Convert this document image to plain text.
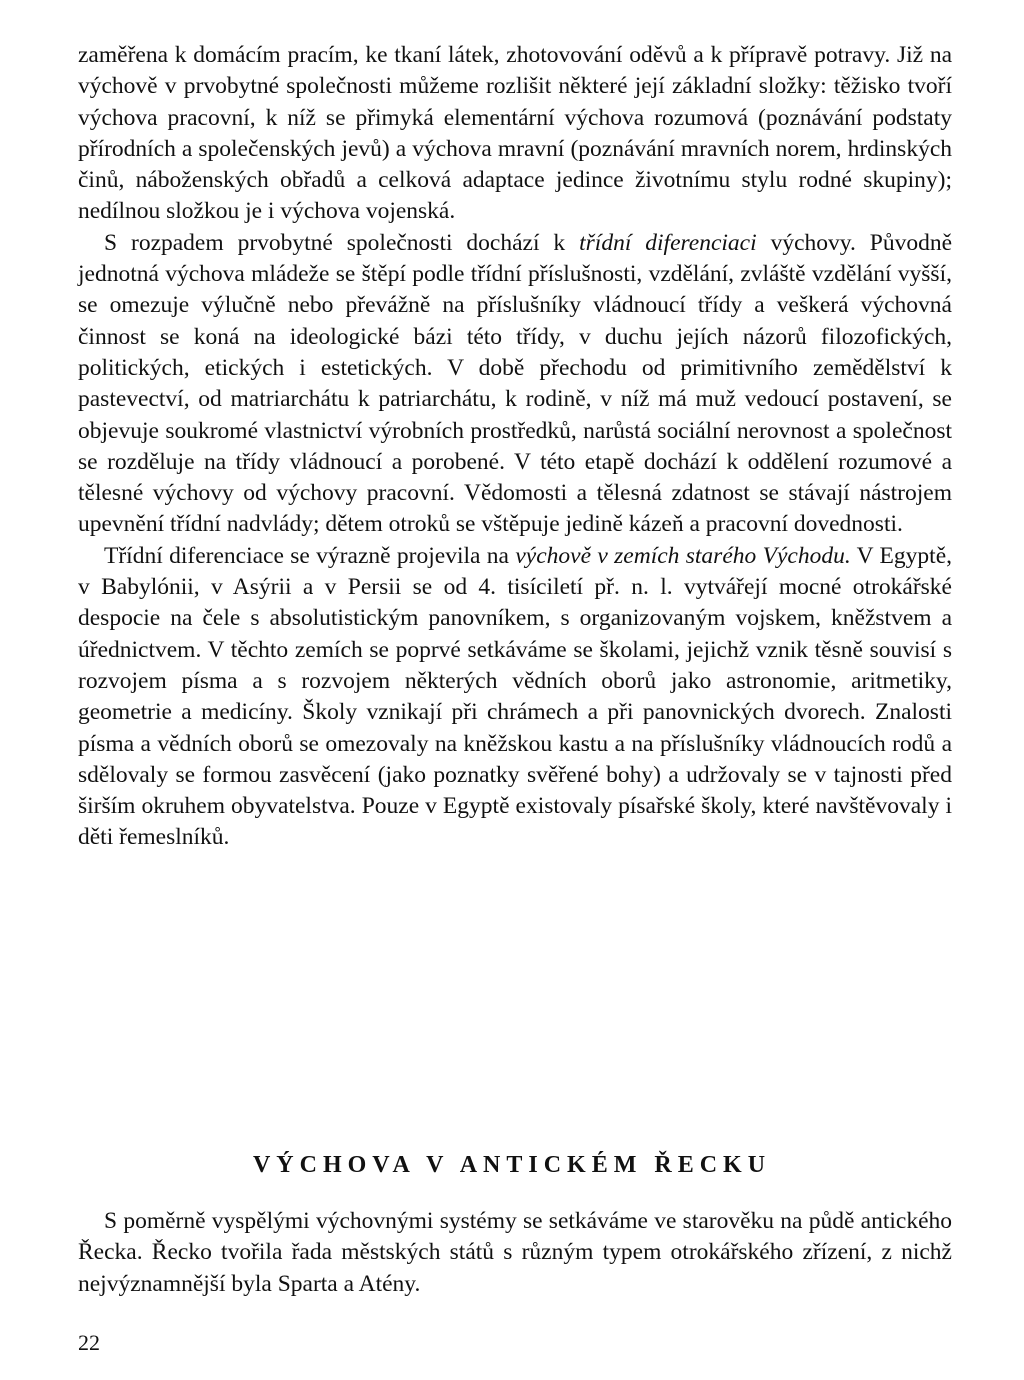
zaměřena k domácím pracím, ke tkaní látek, zhotovování oděvů a k přípravě potravy. Již na výchově v prvobytné společnosti můžeme rozlišit některé její základní složky: těžisko tvoří výchova pracovní, k níž se přimyká elementární výchova rozumová (poznávání podstaty přírodních a společenských jevů) a výchova mravní (poznávání mravních norem, hrdinských činů, náboženských obřadů a celková adaptace jedince životnímu stylu rodné skupiny); nedílnou složkou je i výchova vojenská.

S rozpadem prvobytné společnosti dochází k třídní diferenciaci výchovy. Původně jednotná výchova mládeže se štěpí podle třídní příslušnosti, vzdělání, zvláště vzdělání vyšší, se omezuje výlučně nebo převážně na příslušníky vládnoucí třídy a veškerá výchovná činnost se koná na ideologické bázi této třídy, v duchu jejích názorů filozofických, politických, etických i estetických. V době přechodu od primitivního zemědělství k pastevectví, od matriarchátu k patriarchátu, k rodině, v níž má muž vedoucí postavení, se objevuje soukromé vlastnictví výrobních prostředků, narůstá sociální nerovnost a společnost se rozděluje na třídy vládnoucí a porobené. V této etapě dochází k oddělení rozumové a tělesné výchovy od výchovy pracovní. Vědomosti a tělesná zdatnost se stávají nástrojem upevnění třídní nadvlády; dětem otroků se vštěpuje jedině kázeň a pracovní dovednosti.

Třídní diferenciace se výrazně projevila na výchově v zemích starého Východu. V Egyptě, v Babylónii, v Asýrii a v Persii se od 4. tisíciletí př. n. l. vytvářejí mocné otrokářské despocie na čele s absolutistickým panovníkem, s organizovaným vojskem, kněžstvem a úřednictvem. V těchto zemích se poprvé setkáváme se školami, jejichž vznik těsně souvisí s rozvojem písma a s rozvojem některých vědních oborů jako astronomie, aritmetiky, geometrie a medicíny. Školy vznikají při chrámech a při panovnických dvorech. Znalosti písma a vědních oborů se omezovaly na kněžskou kastu a na příslušníky vládnoucích rodů a sdělovaly se formou zasvěcení (jako poznatky svěřené bohy) a udržovaly se v tajnosti před širším okruhem obyvatelstva. Pouze v Egyptě existovaly písařské školy, které navštěvovaly i děti řemeslníků.

VÝCHOVA V ANTICKÉM ŘECKU

S poměrně vyspělými výchovnými systémy se setkáváme ve starověku na půdě antického Řecka. Řecko tvořila řada městských států s různým typem otrokářského zřízení, z nichž nejvýznamnější byla Sparta a Atény.

22
